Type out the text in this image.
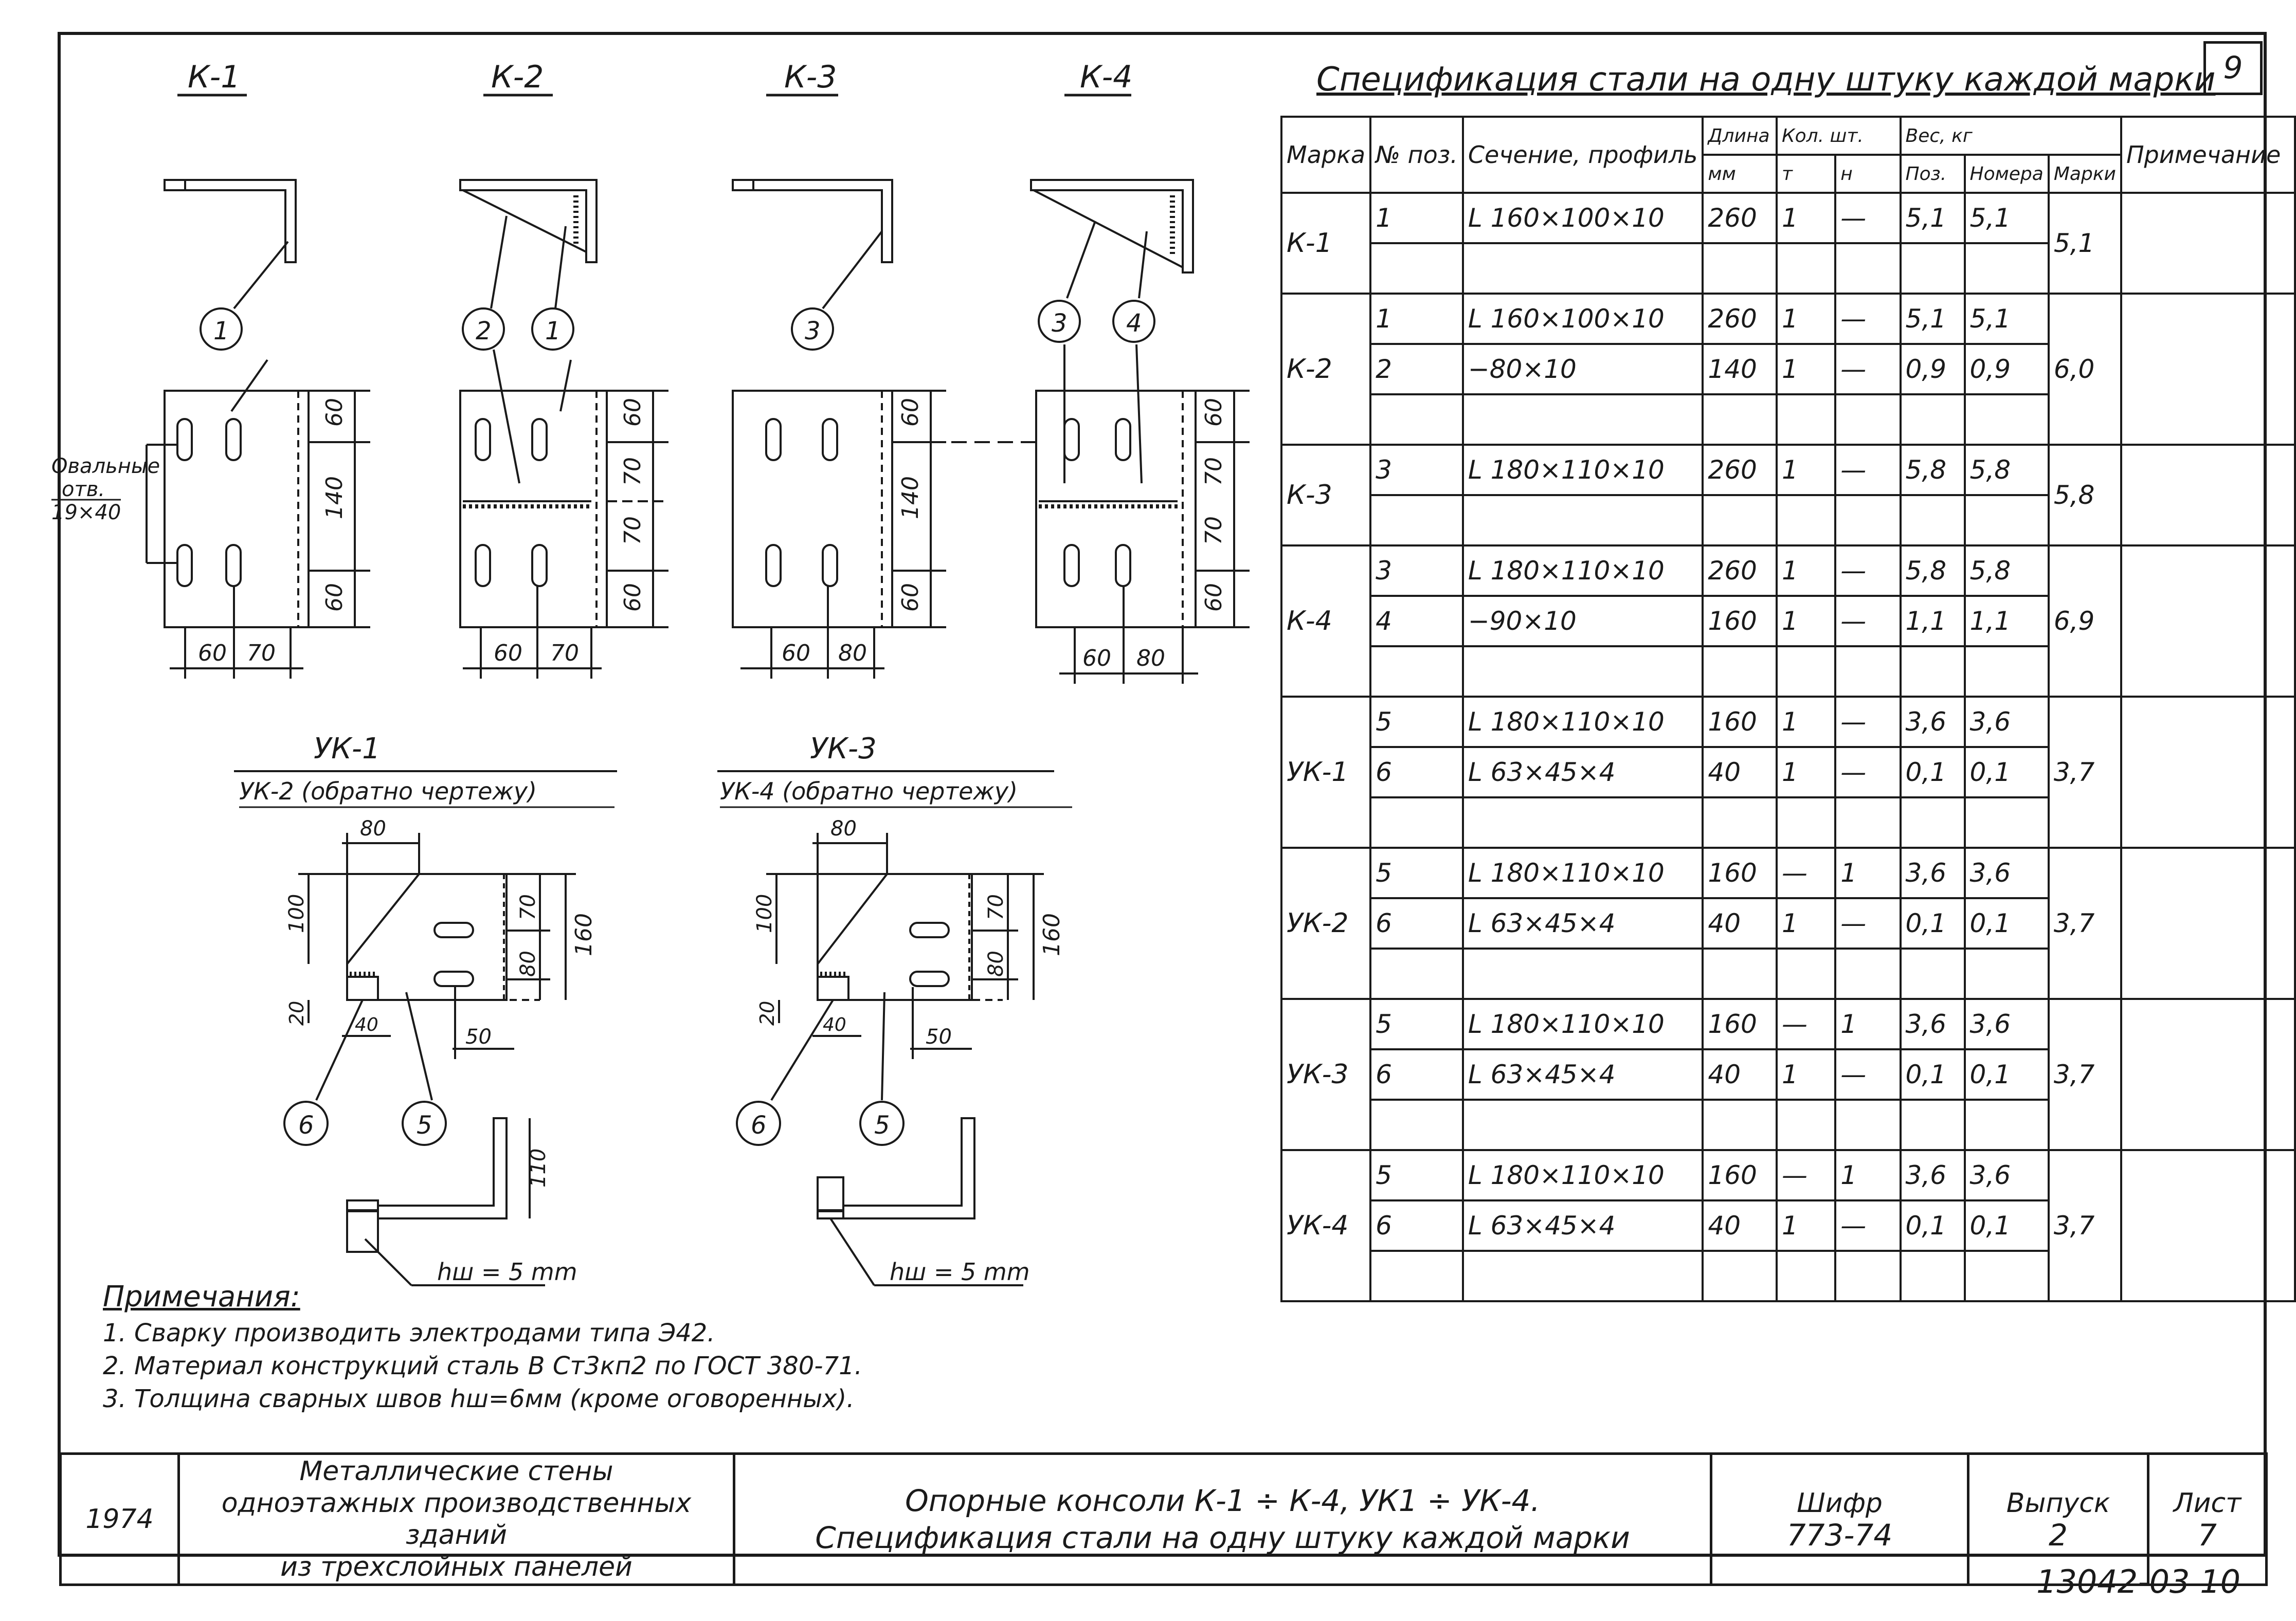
К-1
1
Овальные
отв.
19×40
60
140
60
60 70
К-2
2 1
60
70
70
60
60 70
К-3
3
60
140
60
60 80
К-4
3 4
60
70
70
60
60 80
УК-1
УК-2 (обратно чертежу)
80
100	70
80
160
20	40
50
6	5
110
hш = 5 mm
УК-3
УК-4 (обратно чертежу)
80
100	70
80
160
20 40
50
6	5
hш = 5 mm
Спецификация стали на одну штуку каждой марки 9
Марка	№ поз.	Сечение, профиль	Длина	Кол. шт.		Вес, кг			Примечание
			мм	т	н	Поз.	Номера	Марки	
К-1	1	L 160×100×10	260	1	—	5,1	5,1	5,1	

К-2	1	L 160×100×10	260	1	—	5,1	5,1	6,0	
	2	−80×10	140	1	—	0,9	0,9		

К-3	3	L 180×110×10	260	1	—	5,8	5,8	5,8	

К-4	3	L 180×110×10	260	1	—	5,8	5,8	6,9	
	4	−90×10	160	1	—	1,1	1,1		

УК-1	5	L 180×110×10	160	1	—	3,6	3,6	3,7	
	6	L 63×45×4	40	1	—	0,1	0,1		

УК-2	5	L 180×110×10	160	—	1	3,6	3,6	3,7	
	6	L 63×45×4	40	1	—	0,1	0,1		

УК-3	5	L 180×110×10	160	—	1	3,6	3,6	3,7	
	6	L 63×45×4	40	1	—	0,1	0,1		

УК-4	5	L 180×110×10	160	—	1	3,6	3,6	3,7	
	6	L 63×45×4	40	1	—	0,1	0,1		

Примечания:
1. Сварку производить электродами типа Э42.
2. Материал конструкций сталь В Ст3кп2 по ГОСТ 380-71.
3. Толщина сварных швов hш=6мм (кроме оговоренных).
1974	
Металлические стены
одноэтажных производственных зданий
из трехслойных панелей

Опорные консоли К-1 ÷ К-4, УК1 ÷ УК-4.
Спецификация стали на одну штуку каждой марки

Шифр
773-74

Выпуск
2

Лист
7
13042-03 10
